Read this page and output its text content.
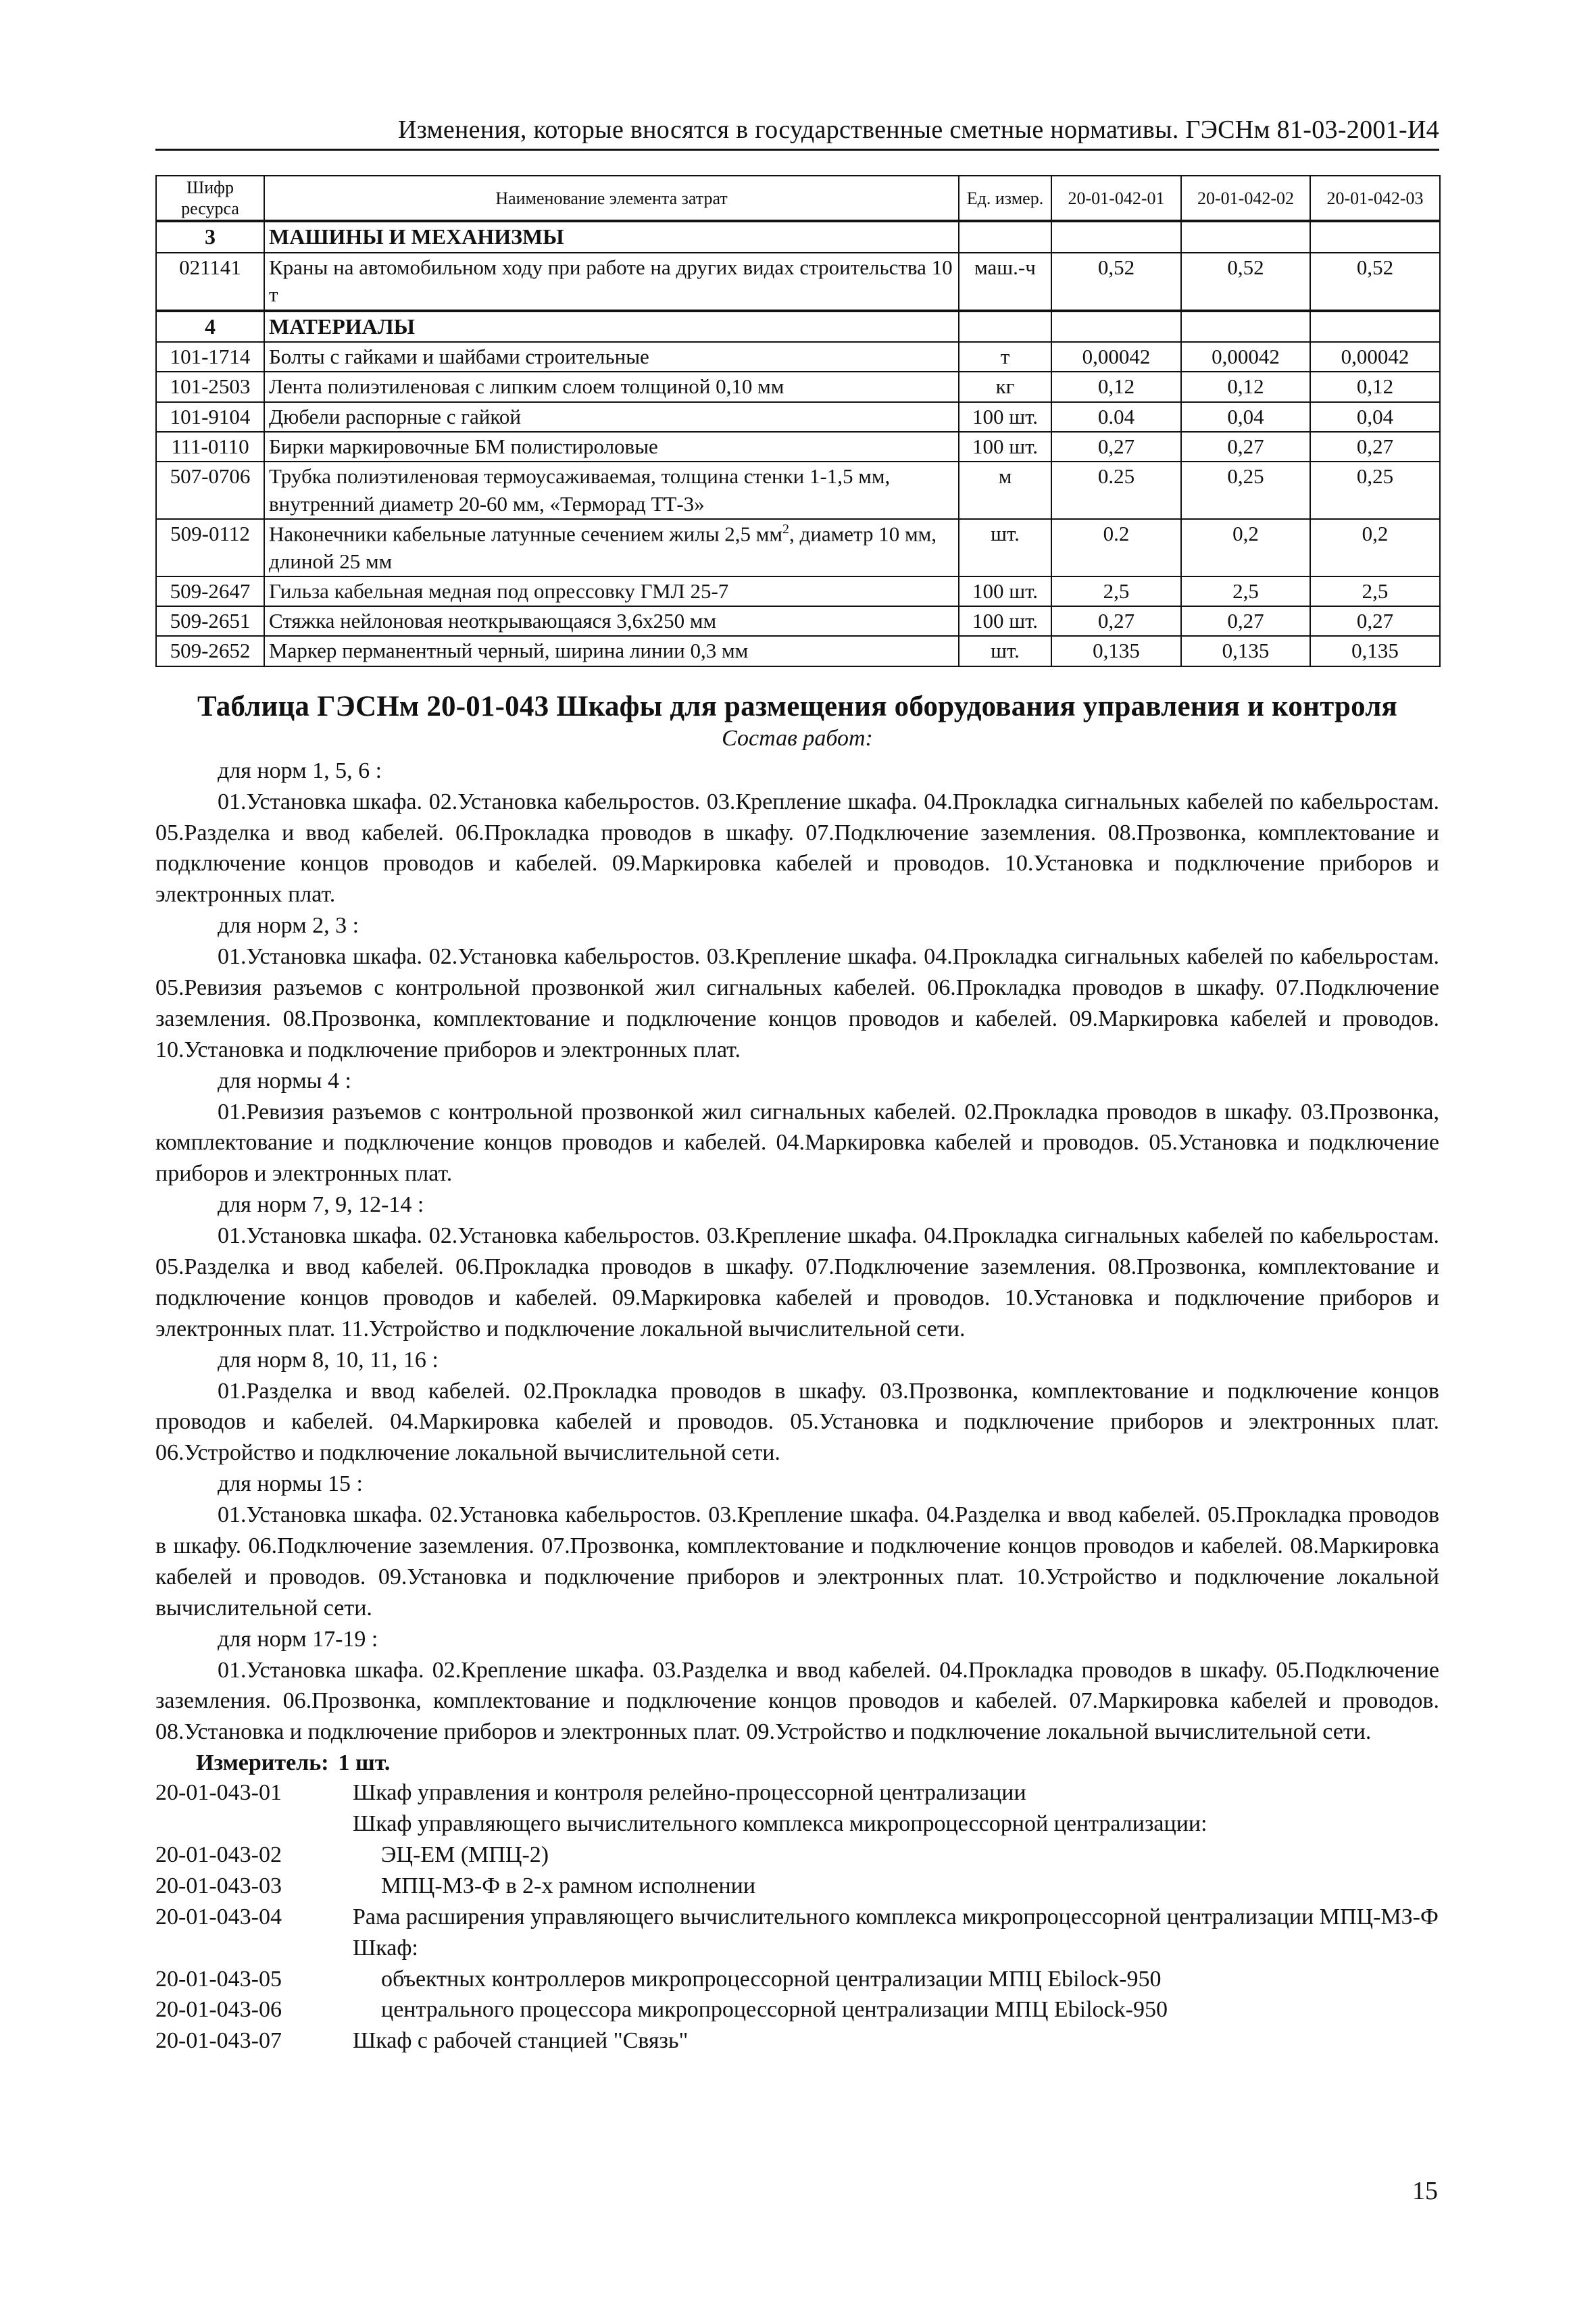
Изменения, которые вносятся в государственные сметные нормативы. ГЭСНм 81-03-2001-И4
Шифр ресурса	Наименование элемента затрат	Ед. измер.	20-01-042-01	20-01-042-02	20-01-042-03
3	МАШИНЫ И МЕХАНИЗМЫ				
021141	Краны на автомобильном ходу при работе на других видах строительства 10 т	маш.-ч	0,52	0,52	0,52
4	МАТЕРИАЛЫ				
101-1714	Болты с гайками и шайбами строительные	т	0,00042	0,00042	0,00042
101-2503	Лента полиэтиленовая с липким слоем толщиной 0,10 мм	кг	0,12	0,12	0,12
101-9104	Дюбели распорные с гайкой	100 шт.	0.04	0,04	0,04
111-0110	Бирки маркировочные БМ полистироловые	100 шт.	0,27	0,27	0,27
507-0706	Трубка полиэтиленовая термоусаживаемая, толщина стенки 1-1,5 мм, внутренний диаметр 20-60 мм, «Терморад ТТ-3»	м	0.25	0,25	0,25
509-0112	Наконечники кабельные латунные сечением жилы 2,5 $мм^2$, диаметр 10 мм, длиной 25 мм	шт.	0.2	0,2	0,2
509-2647	Гильза кабельная медная под опрессовку ГМЛ 25-7	100 шт.	2,5	2,5	2,5
509-2651	Стяжка нейлоновая неоткрывающаяся 3,6х250 мм	100 шт.	0,27	0,27	0,27
509-2652	Маркер перманентный черный, ширина линии 0,3 мм	шт.	0,135	0,135	0,135
Таблица ГЭСНм 20-01-043 Шкафы для размещения оборудования управления и контроля
Состав работ:
для норм 1, 5, 6 :
01.Установка шкафа. 02.Установка кабельростов. 03.Крепление шкафа. 04.Прокладка сигнальных кабелей по кабельростам. 05.Разделка и ввод кабелей. 06.Прокладка проводов в шкафу. 07.Подключение заземления. 08.Прозвонка, комплектование и подключение концов проводов и кабелей. 09.Маркировка кабелей и проводов. 10.Установка и подключение приборов и электронных плат.
для норм 2, 3 :
01.Установка шкафа. 02.Установка кабельростов. 03.Крепление шкафа. 04.Прокладка сигнальных кабелей по кабельростам. 05.Ревизия разъемов с контрольной прозвонкой жил сигнальных кабелей. 06.Прокладка проводов в шкафу. 07.Подключение заземления. 08.Прозвонка, комплектование и подключение концов проводов и кабелей. 09.Маркировка кабелей и проводов. 10.Установка и подключение приборов и электронных плат.
для нормы 4 :
01.Ревизия разъемов с контрольной прозвонкой жил сигнальных кабелей. 02.Прокладка проводов в шкафу. 03.Прозвонка, комплектование и подключение концов проводов и кабелей. 04.Маркировка кабелей и проводов. 05.Установка и подключение приборов и электронных плат.
для норм 7, 9, 12-14 :
01.Установка шкафа. 02.Установка кабельростов. 03.Крепление шкафа. 04.Прокладка сигнальных кабелей по кабельростам. 05.Разделка и ввод кабелей. 06.Прокладка проводов в шкафу. 07.Подключение заземления. 08.Прозвонка, комплектование и подключение концов проводов и кабелей. 09.Маркировка кабелей и проводов. 10.Установка и подключение приборов и электронных плат. 11.Устройство и подключение локальной вычислительной сети.
для норм 8, 10, 11, 16 :
01.Разделка и ввод кабелей. 02.Прокладка проводов в шкафу. 03.Прозвонка, комплектование и подключение концов проводов и кабелей. 04.Маркировка кабелей и проводов. 05.Установка и подключение приборов и электронных плат. 06.Устройство и подключение локальной вычислительной сети.
для нормы 15 :
01.Установка шкафа. 02.Установка кабельростов. 03.Крепление шкафа. 04.Разделка и ввод кабелей. 05.Прокладка проводов в шкафу. 06.Подключение заземления. 07.Прозвонка, комплектование и подключение концов проводов и кабелей. 08.Маркировка кабелей и проводов. 09.Установка и подключение приборов и электронных плат. 10.Устройство и подключение локальной вычислительной сети.
для норм 17-19 :
01.Установка шкафа. 02.Крепление шкафа. 03.Разделка и ввод кабелей. 04.Прокладка проводов в шкафу. 05.Подключение заземления. 06.Прозвонка, комплектование и подключение концов проводов и кабелей. 07.Маркировка кабелей и проводов. 08.Установка и подключение приборов и электронных плат. 09.Устройство и подключение локальной вычислительной сети.
Измеритель: 1 шт.
20-01-043-01	Шкаф управления и контроля релейно-процессорной централизации
Шкаф управляющего вычислительного комплекса микропроцессорной централизации:
20-01-043-02	ЭЦ-ЕМ (МПЦ-2)
20-01-043-03	МПЦ-МЗ-Ф в 2-х рамном исполнении
20-01-043-04	Рама расширения управляющего вычислительного комплекса микропроцессорной централизации МПЦ-МЗ-Ф
Шкаф:
20-01-043-05	объектных контроллеров микропроцессорной централизации МПЦ Ebilock-950
20-01-043-06	центрального процессора микропроцессорной централизации МПЦ Ebilock-950
20-01-043-07	Шкаф с рабочей станцией "Связь"
15
